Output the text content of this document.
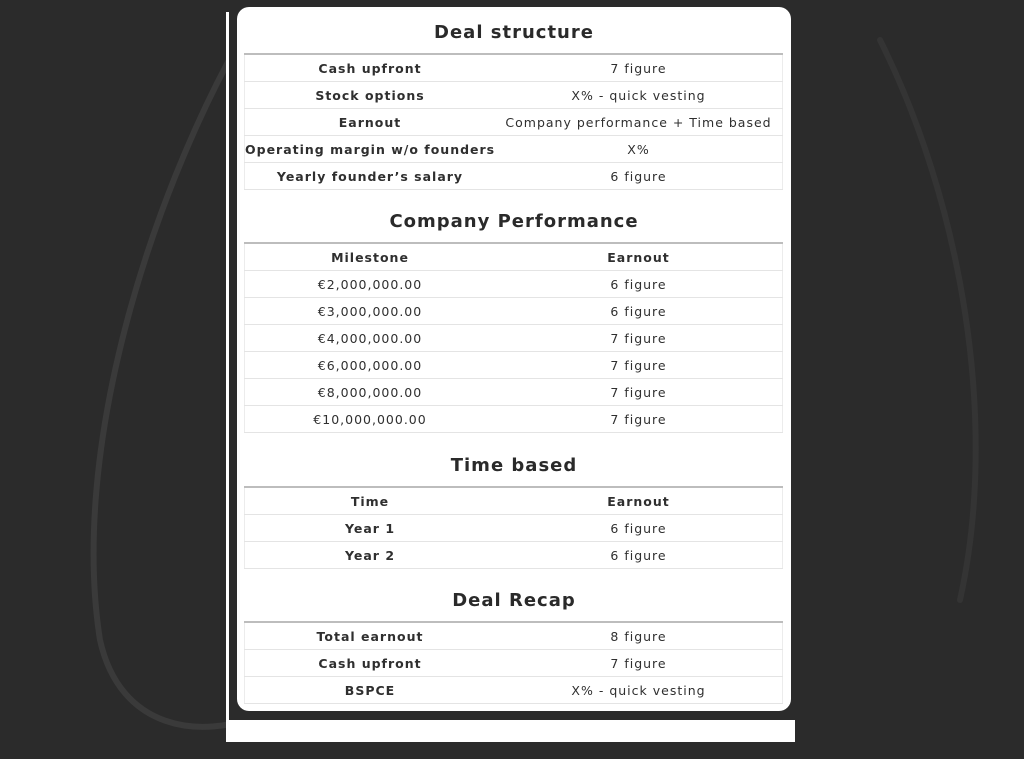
Deal structure
Cash upfront	7 figure
Stock options	X% - quick vesting
Earnout	Company performance + Time based
Operating margin w/o founders	X%
Yearly founder’s salary	6 figure
Company Performance
Milestone	Earnout
€2,000,000.00	6 figure
€3,000,000.00	6 figure
€4,000,000.00	7 figure
€6,000,000.00	7 figure
€8,000,000.00	7 figure
€10,000,000.00	7 figure
Time based
Time	Earnout
Year 1	6 figure
Year 2	6 figure
Deal Recap
Total earnout	8 figure
Cash upfront	7 figure
BSPCE	X% - quick vesting
